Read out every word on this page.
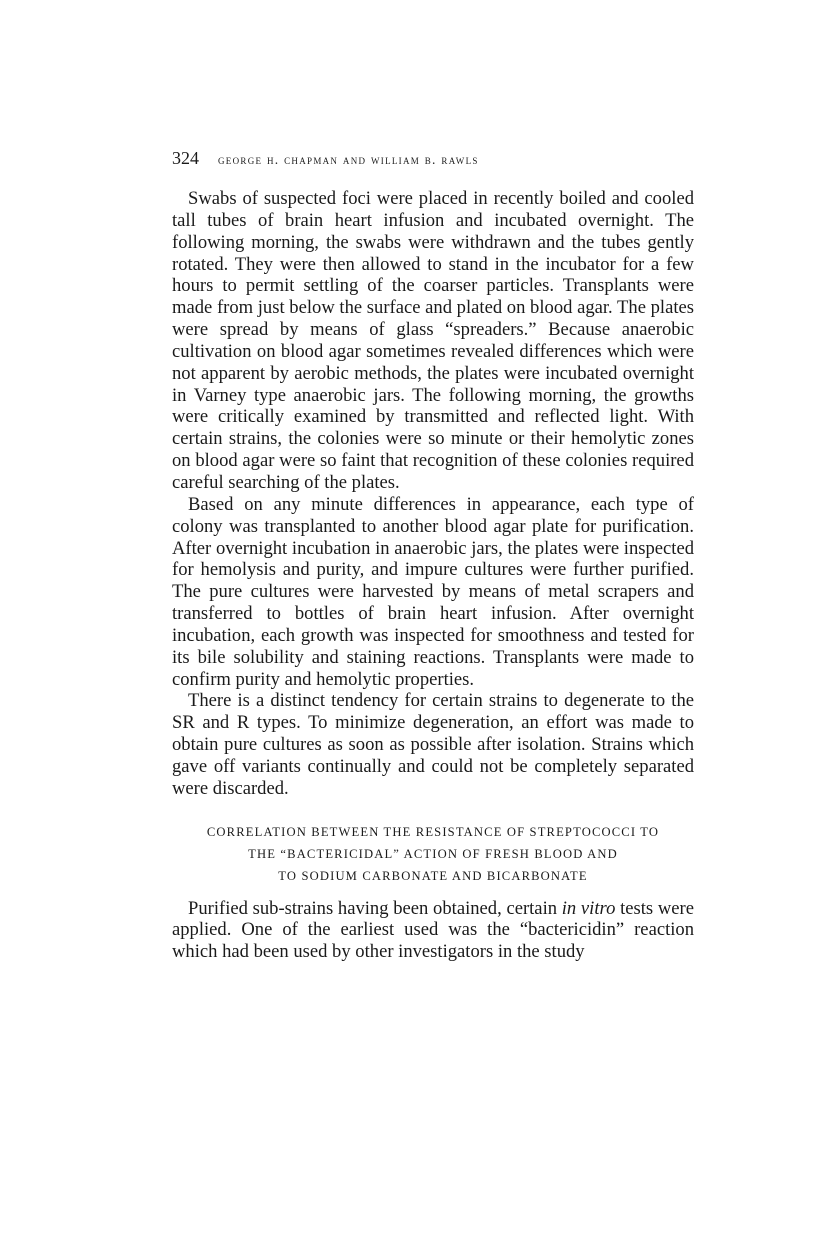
324	george h. chapman and william b. rawls

Swabs of suspected foci were placed in recently boiled and cooled tall tubes of brain heart infusion and incubated overnight. The following morning, the swabs were withdrawn and the tubes gently rotated. They were then allowed to stand in the incubator for a few hours to permit settling of the coarser particles. Transplants were made from just below the surface and plated on blood agar. The plates were spread by means of glass “spreaders.” Because anaerobic cultivation on blood agar sometimes revealed differences which were not apparent by aerobic methods, the plates were incubated overnight in Varney type anaerobic jars. The following morning, the growths were critically examined by transmitted and reflected light. With certain strains, the colonies were so minute or their hemolytic zones on blood agar were so faint that recognition of these colonies required careful searching of the plates.

Based on any minute differences in appearance, each type of colony was transplanted to another blood agar plate for purification. After overnight incubation in anaerobic jars, the plates were inspected for hemolysis and purity, and impure cultures were further purified. The pure cultures were harvested by means of metal scrapers and transferred to bottles of brain heart infusion. After overnight incubation, each growth was inspected for smoothness and tested for its bile solubility and staining reactions. Transplants were made to confirm purity and hemolytic properties.

There is a distinct tendency for certain strains to degenerate to the SR and R types. To minimize degeneration, an effort was made to obtain pure cultures as soon as possible after isolation. Strains which gave off variants continually and could not be completely separated were discarded.

CORRELATION BETWEEN THE RESISTANCE OF STREPTOCOCCI TO
THE “BACTERICIDAL” ACTION OF FRESH BLOOD AND
TO SODIUM CARBONATE AND BICARBONATE

Purified sub-strains having been obtained, certain in vitro tests were applied. One of the earliest used was the “bactericidin” reaction which had been used by other investigators in the study
